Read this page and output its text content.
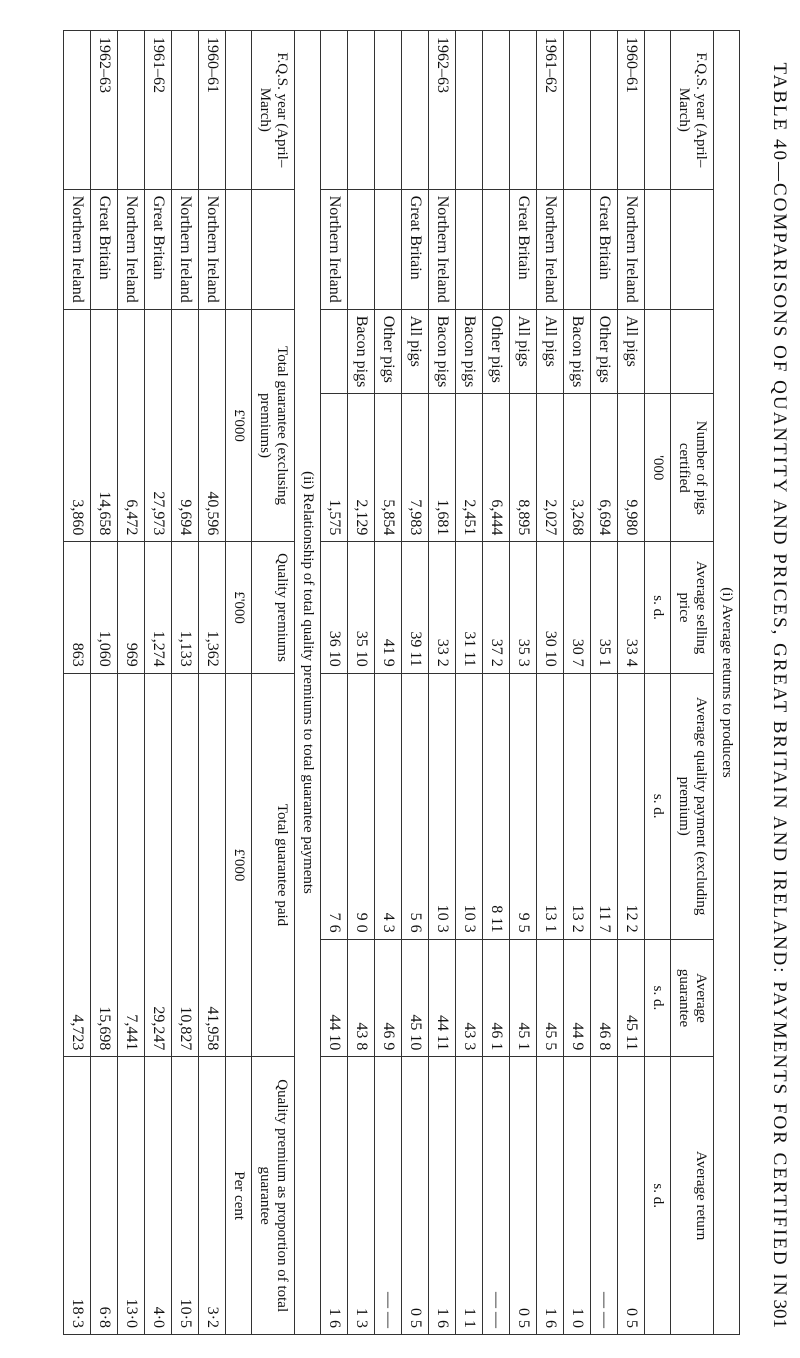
TABLE 40—COMPARISONS OF QUANTITY AND PRICES, GREAT BRITAIN AND IRELAND: PAYMENTS FOR CERTIFIED IN
301
(i) Average returns to producers							
F.Q.S. year (April–March)			Number of pigs certified	Average selling price	Average quality payment (excluding premium)	Average guarantee	Average return
			'000	s. d.	s. d.	s. d.	s. d.
1960–61	Northern Ireland	All pigs	9,980	33 4	12 2	45 11	0 5
	Great Britain	Other pigs	6,694	35 1	11 7	46 8	— —
		Bacon pigs	3,268	30 7	13 2	44 9	1 0
1961–62	Northern Ireland	All pigs	2,027	30 10	13 1	45 5	1 6
	Great Britain	All pigs	8,895	35 3	9 5	45 1	0 5
		Other pigs	6,444	37 2	8 11	46 1	— —
		Bacon pigs	2,451	31 11	10 3	43 3	1 1
1962–63	Northern Ireland	Bacon pigs	1,681	33 2	10 3	44 11	1 6
	Great Britain	All pigs	7,983	39 11	5 6	45 10	0 5
		Other pigs	5,854	41 9	4 3	46 9	— —
		Bacon pigs	2,129	35 10	9 0	43 8	1 3
	Northern Ireland		1,575	36 10	7 6	44 10	1 6
(ii) Relationship of total quality premiums to total guarantee payments							
F.Q.S. year (April–March)		Total guarantee (exclusing premiums)		Quality premiums	Total guarantee paid		Quality premium as proportion of total guarantee
		£'000		£'000	£'000		Per cent
1960–61	Northern Ireland	40,596		1,362	41,958		3·2
	Northern Ireland	9,694		1,133	10,827		10·5
1961–62	Great Britain	27,973		1,274	29,247		4·0
	Northern Ireland	6,472		969	7,441		13·0
1962–63	Great Britain	14,658		1,060	15,698		6·8
	Northern Ireland	3,860		863	4,723		18·3
